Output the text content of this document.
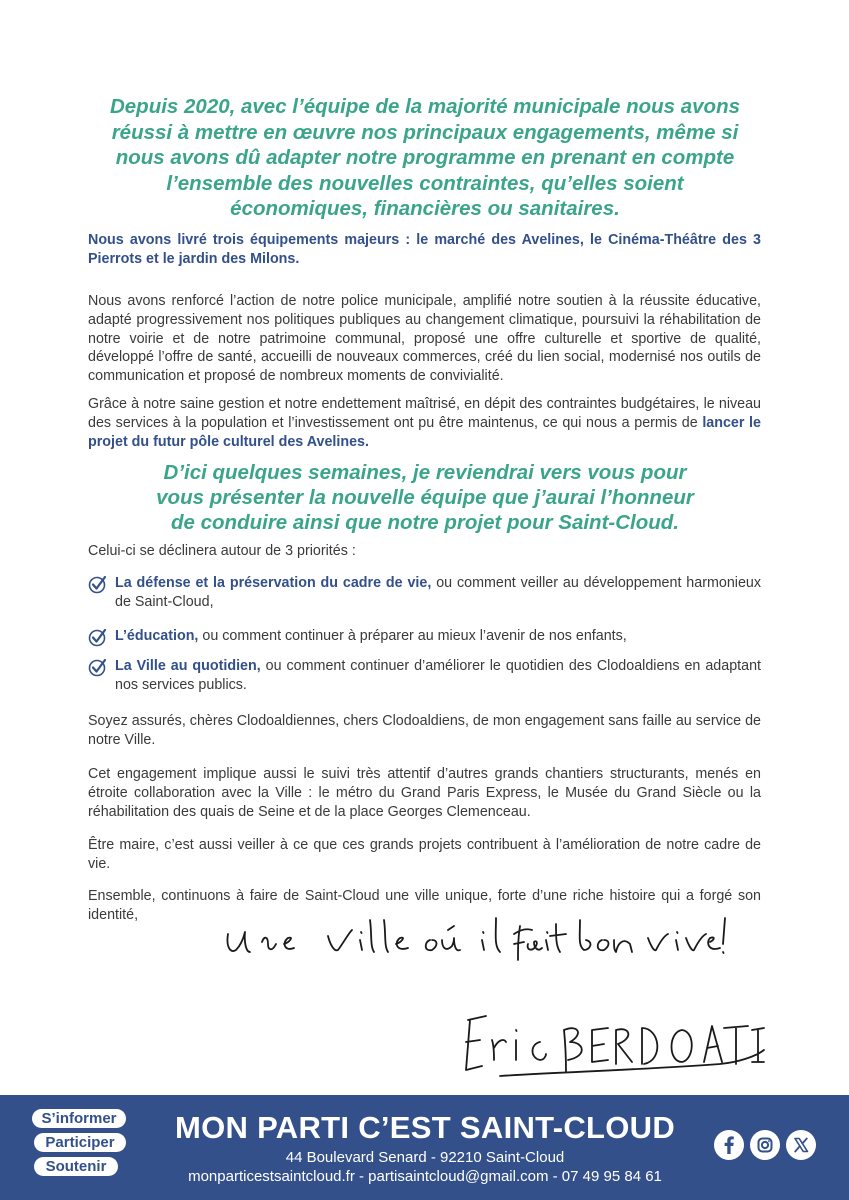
Depuis 2020, avec l’équipe de la majorité municipale nous avons réussi à mettre en œuvre nos principaux engagements, même si nous avons dû adapter notre programme en prenant en compte l’ensemble des nouvelles contraintes, qu’elles soient économiques, financières ou sanitaires.

Nous avons livré trois équipements majeurs : le marché des Avelines, le Cinéma-Théâtre des 3 Pierrots et le jardin des Milons.

Nous avons renforcé l’action de notre police municipale, amplifié notre soutien à la réussite éducative, adapté progressivement nos politiques publiques au changement climatique, poursuivi la réhabilitation de notre voirie et de notre patrimoine communal, proposé une offre culturelle et sportive de qualité, développé l’offre de santé, accueilli de nouveaux commerces, créé du lien social, modernisé nos outils de communication et proposé de nombreux moments de convivialité.

Grâce à notre saine gestion et notre endettement maîtrisé, en dépit des contraintes budgétaires, le niveau des services à la population et l’investissement ont pu être maintenus, ce qui nous a permis de lancer le projet du futur pôle culturel des Avelines.

D’ici quelques semaines, je reviendrai vers vous pour
vous présenter la nouvelle équipe que j’aurai l’honneur
de conduire ainsi que notre projet pour Saint-Cloud.

Celui-ci se déclinera autour de 3 priorités :

La défense et la préservation du cadre de vie, ou comment veiller au développement harmonieux de Saint-Cloud,

L’éducation, ou comment continuer à préparer au mieux l’avenir de nos enfants,

La Ville au quotidien, ou comment continuer d’améliorer le quotidien des Clodoaldiens en adaptant nos services publics.

Soyez assurés, chères Clodoaldiennes, chers Clodoaldiens, de mon engagement sans faille au service de notre Ville.

Cet engagement implique aussi le suivi très attentif d’autres grands chantiers structurants, menés en étroite collaboration avec la Ville : le métro du Grand Paris Express, le Musée du Grand Siècle ou la réhabilitation des quais de Seine et de la place Georges Clemenceau.

Être maire, c’est aussi veiller à ce que ces grands projets contribuent à l’amélioration de notre cadre de vie.

Ensemble, continuons à faire de Saint-Cloud une ville unique, forte d’une riche histoire qui a forgé son identité,

S’informer
Participer
Soutenir
MON PARTI C’EST SAINT-CLOUD
44 Boulevard Senard - 92210 Saint-Cloud
monparticestsaintcloud.fr - partisaintcloud@gmail.com - 07 49 95 84 61
